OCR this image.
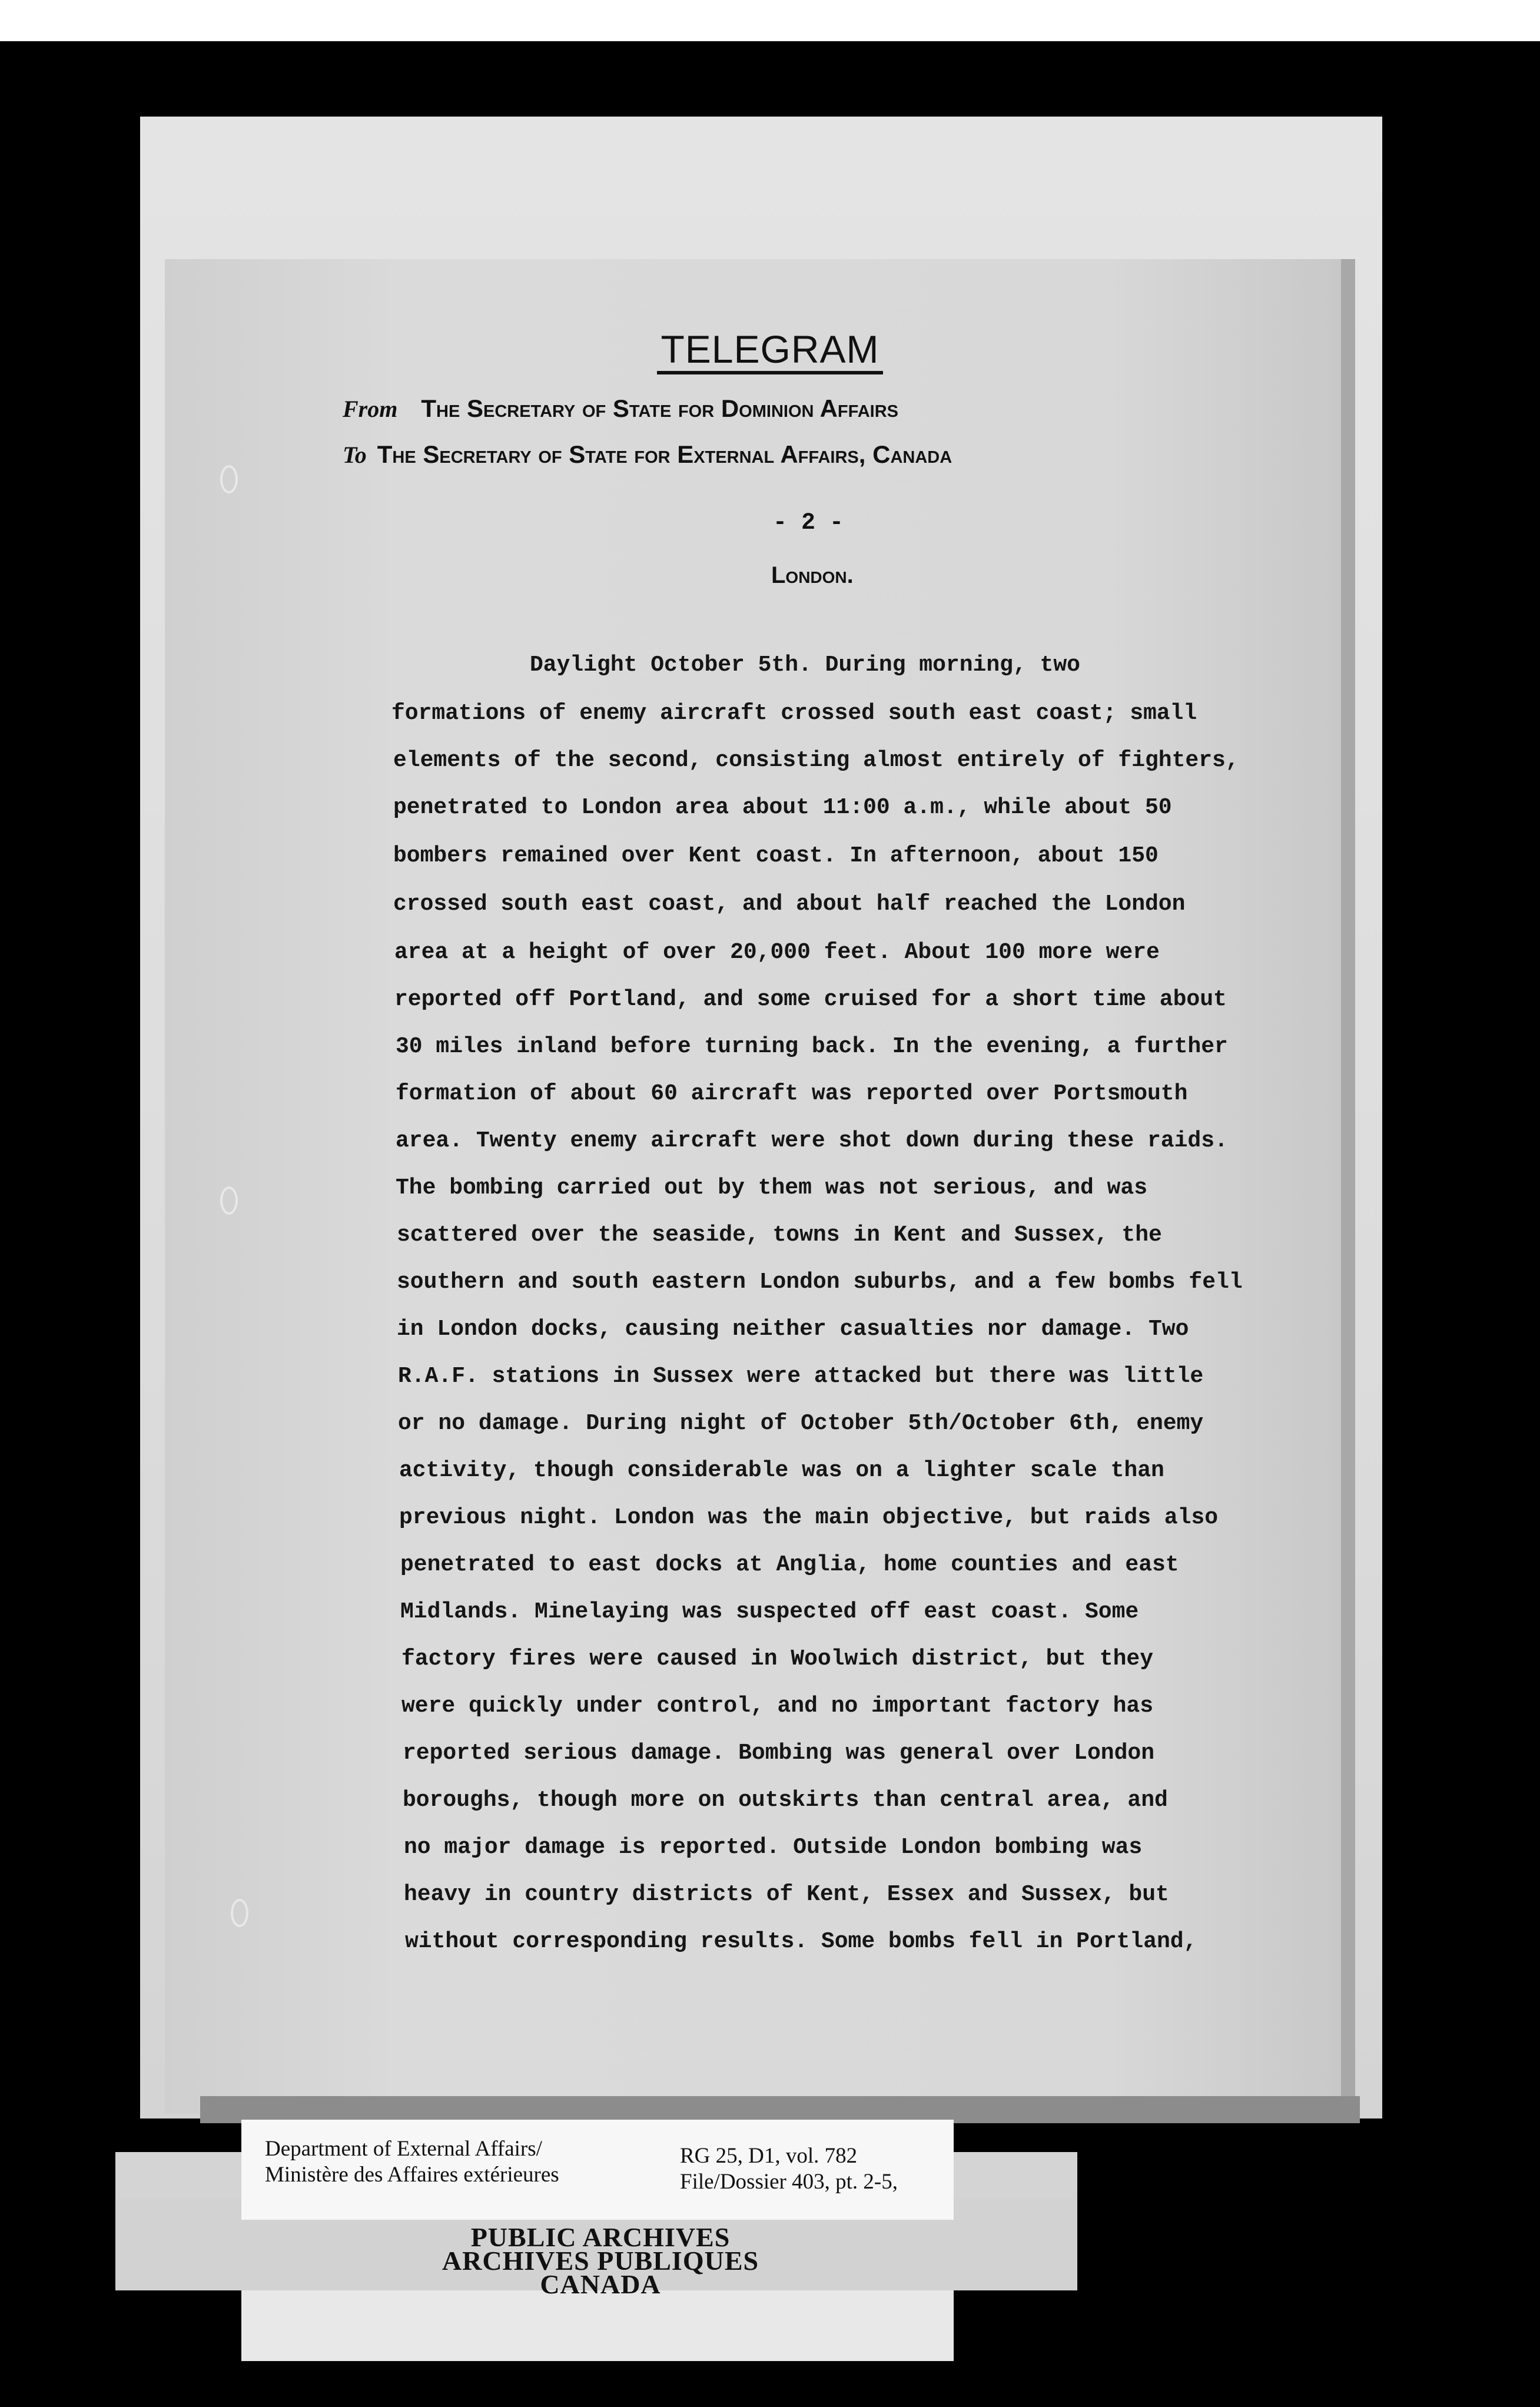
TELEGRAM
From The Secretary of State for Dominion Affairs
To The Secretary of State for External Affairs, Canada
- 2 -
London.
Daylight October 5th. During morning, two
formations of enemy aircraft crossed south east coast; small
elements of the second, consisting almost entirely of fighters,
penetrated to London area about 11:00 a.m., while about 50
bombers remained over Kent coast. In afternoon, about 150
crossed south east coast, and about half reached the London
area at a height of over 20,000 feet. About 100 more were
reported off Portland, and some cruised for a short time about
30 miles inland before turning back. In the evening, a further
formation of about 60 aircraft was reported over Portsmouth
area. Twenty enemy aircraft were shot down during these raids.
The bombing carried out by them was not serious, and was
scattered over the seaside, towns in Kent and Sussex, the
southern and south eastern London suburbs, and a few bombs fell
in London docks, causing neither casualties nor damage. Two
R.A.F. stations in Sussex were attacked but there was little
or no damage. During night of October 5th/October 6th, enemy
activity, though considerable was on a lighter scale than
previous night. London was the main objective, but raids also
penetrated to east docks at Anglia, home counties and east
Midlands. Minelaying was suspected off east coast. Some
factory fires were caused in Woolwich district, but they
were quickly under control, and no important factory has
reported serious damage. Bombing was general over London
boroughs, though more on outskirts than central area, and
no major damage is reported. Outside London bombing was
heavy in country districts of Kent, Essex and Sussex, but
without corresponding results. Some bombs fell in Portland,
Department of External Affairs/
Ministère des Affaires extérieures
RG 25, D1, vol. 782
File/Dossier 403, pt. 2-5,
PUBLIC ARCHIVES
ARCHIVES PUBLIQUES
CANADA
